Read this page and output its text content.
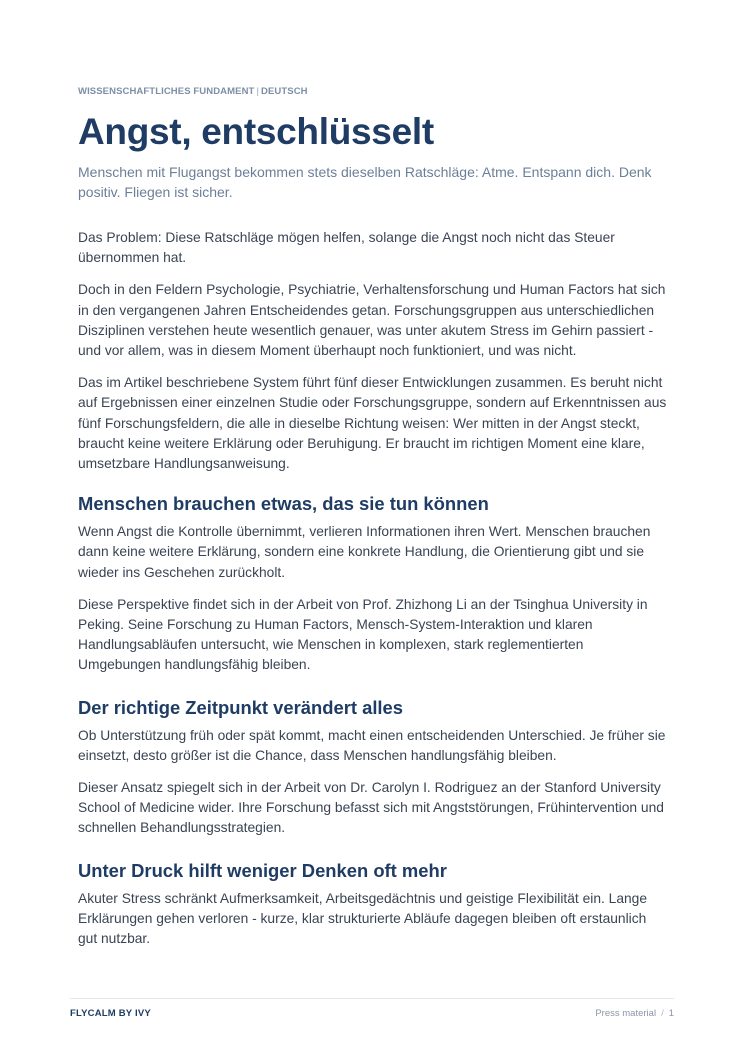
WISSENSCHAFTLICHES FUNDAMENT | DEUTSCH
Angst, entschlüsselt

Menschen mit Flugangst bekommen stets dieselben Ratschläge: Atme. Entspann dich. Denk positiv. Fliegen ist sicher.

Das Problem: Diese Ratschläge mögen helfen, solange die Angst noch nicht das Steuer übernommen hat.

Doch in den Feldern Psychologie, Psychiatrie, Verhaltensforschung und Human Factors hat sich in den vergangenen Jahren Entscheidendes getan. Forschungsgruppen aus unterschiedlichen Disziplinen verstehen heute wesentlich genauer, was unter akutem Stress im Gehirn passiert - und vor allem, was in diesem Moment überhaupt noch funktioniert, und was nicht.

Das im Artikel beschriebene System führt fünf dieser Entwicklungen zusammen. Es beruht nicht auf Ergebnissen einer einzelnen Studie oder Forschungsgruppe, sondern auf Erkenntnissen aus fünf Forschungsfeldern, die alle in dieselbe Richtung weisen: Wer mitten in der Angst steckt, braucht keine weitere Erklärung oder Beruhigung. Er braucht im richtigen Moment eine klare, umsetzbare Handlungsanweisung.

Menschen brauchen etwas, das sie tun können

Wenn Angst die Kontrolle übernimmt, verlieren Informationen ihren Wert. Menschen brauchen dann keine weitere Erklärung, sondern eine konkrete Handlung, die Orientierung gibt und sie wieder ins Geschehen zurückholt.

Diese Perspektive findet sich in der Arbeit von Prof. Zhizhong Li an der Tsinghua University in Peking. Seine Forschung zu Human Factors, Mensch-System-Interaktion und klaren Handlungsabläufen untersucht, wie Menschen in komplexen, stark reglementierten Umgebungen handlungsfähig bleiben.

Der richtige Zeitpunkt verändert alles

Ob Unterstützung früh oder spät kommt, macht einen entscheidenden Unterschied. Je früher sie einsetzt, desto größer ist die Chance, dass Menschen handlungsfähig bleiben.

Dieser Ansatz spiegelt sich in der Arbeit von Dr. Carolyn I. Rodriguez an der Stanford University School of Medicine wider. Ihre Forschung befasst sich mit Angststörungen, Frühintervention und schnellen Behandlungsstrategien.

Unter Druck hilft weniger Denken oft mehr

Akuter Stress schränkt Aufmerksamkeit, Arbeitsgedächtnis und geistige Flexibilität ein. Lange Erklärungen gehen verloren - kurze, klar strukturierte Abläufe dagegen bleiben oft erstaunlich gut nutzbar.

FLYCALM BY IVY	Press material / 1
